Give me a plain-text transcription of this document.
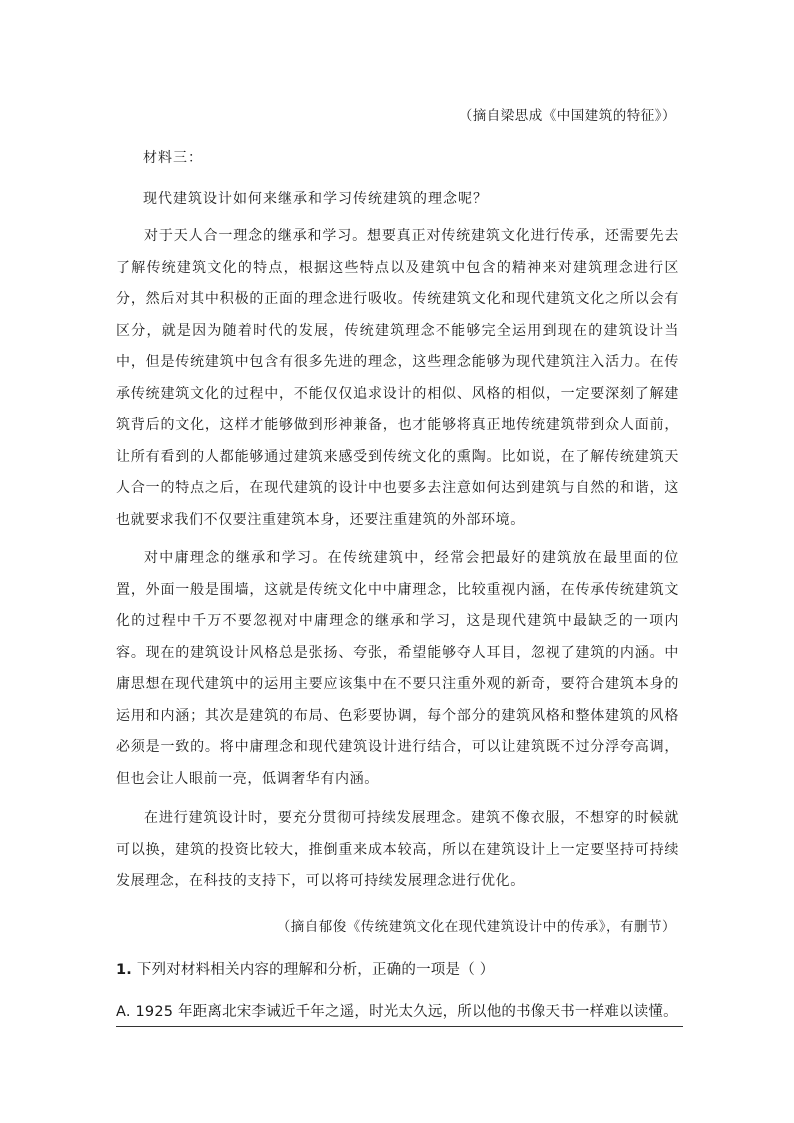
（摘自梁思成《中国建筑的特征》）
材料三：
现代建筑设计如何来继承和学习传统建筑的理念呢？

对于天人合一理念的继承和学习。想要真正对传统建筑文化进行传承，还需要先去了解传统建筑文化的特点，根据这些特点以及建筑中包含的精神来对建筑理念进行区分，然后对其中积极的正面的理念进行吸收。传统建筑文化和现代建筑文化之所以会有区分，就是因为随着时代的发展，传统建筑理念不能够完全运用到现在的建筑设计当中，但是传统建筑中包含有很多先进的理念，这些理念能够为现代建筑注入活力。在传承传统建筑文化的过程中，不能仅仅追求设计的相似、风格的相似，一定要深刻了解建筑背后的文化，这样才能够做到形神兼备，也才能够将真正地传统建筑带到众人面前，让所有看到的人都能够通过建筑来感受到传统文化的熏陶。比如说，在了解传统建筑天人合一的特点之后，在现代建筑的设计中也要多去注意如何达到建筑与自然的和谐，这也就要求我们不仅要注重建筑本身，还要注重建筑的外部环境。

对中庸理念的继承和学习。在传统建筑中，经常会把最好的建筑放在最里面的位置，外面一般是围墙，这就是传统文化中中庸理念，比较重视内涵，在传承传统建筑文化的过程中千万不要忽视对中庸理念的继承和学习，这是现代建筑中最缺乏的一项内容。现在的建筑设计风格总是张扬、夸张，希望能够夺人耳目，忽视了建筑的内涵。中庸思想在现代建筑中的运用主要应该集中在不要只注重外观的新奇，要符合建筑本身的运用和内涵；其次是建筑的布局、色彩要协调，每个部分的建筑风格和整体建筑的风格必须是一致的。将中庸理念和现代建筑设计进行结合，可以让建筑既不过分浮夸高调，但也会让人眼前一亮，低调奢华有内涵。

在进行建筑设计时，要充分贯彻可持续发展理念。建筑不像衣服，不想穿的时候就可以换，建筑的投资比较大，推倒重来成本较高，所以在建筑设计上一定要坚持可持续发展理念，在科技的支持下，可以将可持续发展理念进行优化。

（摘自郁俊《传统建筑文化在现代建筑设计中的传承》，有删节）
1. 下列对材料相关内容的理解和分析，正确的一项是（ ）
A. 1925 年距离北宋李诫近千年之遥，时光太久远，所以他的书像天书一样难以读懂。
